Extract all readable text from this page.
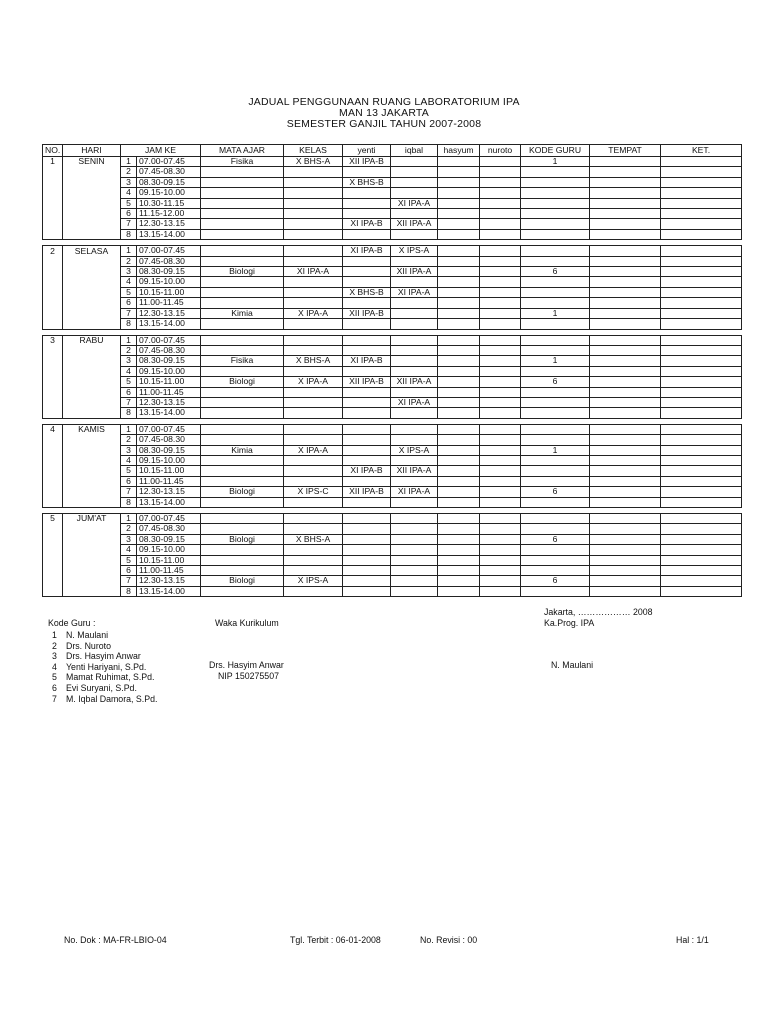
JADUAL PENGGUNAAN RUANG LABORATORIUM IPA
MAN 13 JAKARTA
SEMESTER GANJIL TAHUN 2007-2008
NO.	HARI	JAM KE		MATA AJAR	KELAS	yenti	iqbal	hasyum	nuroto	KODE GURU	TEMPAT	KET.
1	SENIN	1	07.00-07.45	Fisika	X BHS-A	XII IPA-B				1		
		2	07.45-08.30									
		3	08.30-09.15			X BHS-B						
		4	09.15-10.00									
		5	10.30-11.15				XI IPA-A					
		6	11.15-12.00									
		7	12.30-13.15			XI IPA-B	XII IPA-A					
		8	13.15-14.00									

2	SELASA	1	07.00-07.45			XI IPA-B	X IPS-A					
		2	07.45-08.30									
		3	08.30-09.15	Biologi	XI IPA-A		XII IPA-A			6		
		4	09.15-10.00									
		5	10.15-11.00			X BHS-B	XI IPA-A					
		6	11.00-11.45									
		7	12.30-13.15	Kimia	X IPA-A	XII IPA-B				1		
		8	13.15-14.00									

3	RABU	1	07.00-07.45									
		2	07.45-08.30									
		3	08.30-09.15	Fisika	X BHS-A	XI IPA-B				1		
		4	09.15-10.00									
		5	10.15-11.00	Biologi	X IPA-A	XII IPA-B	XII IPA-A			6		
		6	11.00-11.45									
		7	12.30-13.15				XI IPA-A					
		8	13.15-14.00									

4	KAMIS	1	07.00-07.45									
		2	07.45-08.30									
		3	08.30-09.15	Kimia	X IPA-A		X IPS-A			1		
		4	09.15-10.00									
		5	10.15-11.00			XI IPA-B	XII IPA-A					
		6	11.00-11.45									
		7	12.30-13.15	Biologi	X IPS-C	XII IPA-B	XI IPA-A			6		
		8	13.15-14.00									

5	JUM'AT	1	07.00-07.45									
		2	07.45-08.30									
		3	08.30-09.15	Biologi	X BHS-A					6		
		4	09.15-10.00									
		5	10.15-11.00									
		6	11.00-11.45									
		7	12.30-13.15	Biologi	X IPS-A					6		
		8	13.15-14.00									
Jakarta, ……………… 2008
Kode Guru :	Waka Kurikulum	Ka.Prog. IPA
Drs. Hasyim Anwar
NIP 150275507
N. Maulani
1 N. Maulani
2 Drs. Nuroto
3 Drs. Hasyim Anwar
4 Yenti Hariyani, S.Pd.
5 Mamat Ruhimat, S.Pd.
6 Evi Suryani, S.Pd.
7 M. Iqbal Damora, S.Pd.
No. Dok : MA-FR-LBIO-04	Tgl. Terbit : 06-01-2008	No. Revisi : 00	Hal : 1/1
